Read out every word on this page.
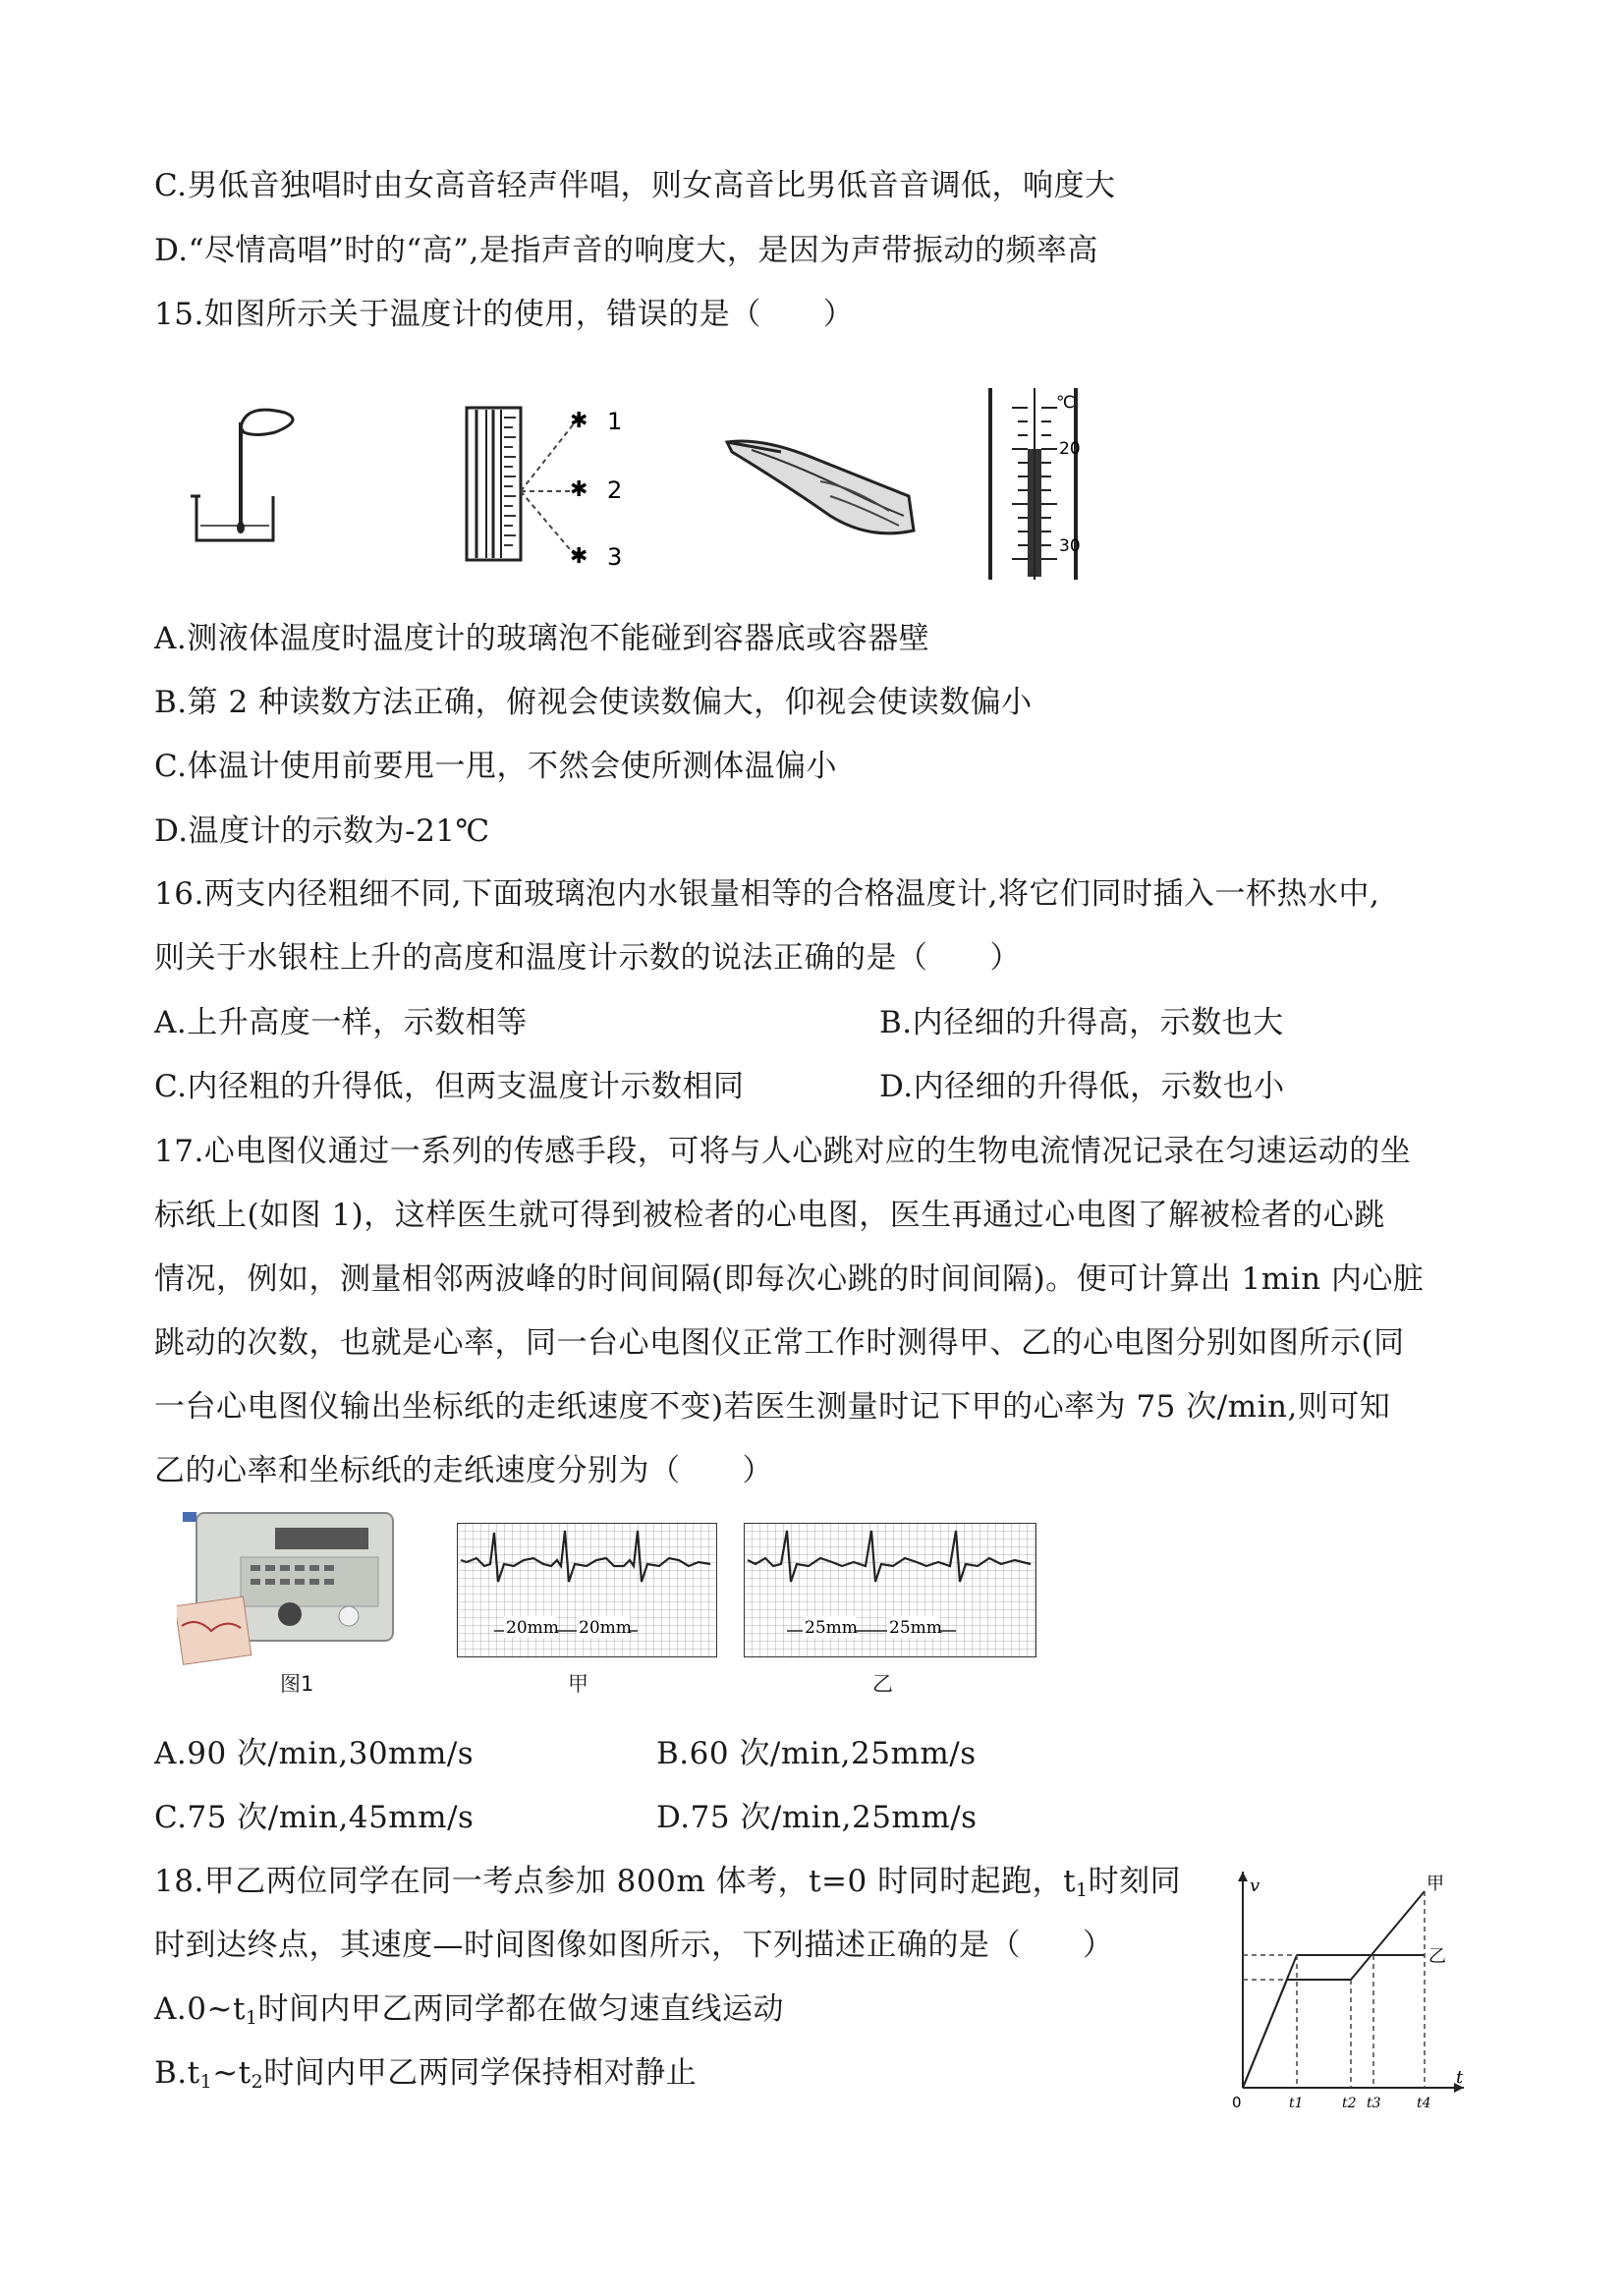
C.男低音独唱时由女高音轻声伴唱，则女高音比男低音音调低，响度大
D.“尽情高唱”时的“高”,是指声音的响度大，是因为声带振动的频率高
15.如图所示关于温度计的使用，错误的是（　　）
✱
✱
✱
1
2
3
℃
20
30
A.测液体温度时温度计的玻璃泡不能碰到容器底或容器壁
B.第 2 种读数方法正确，俯视会使读数偏大，仰视会使读数偏小
C.体温计使用前要甩一甩，不然会使所测体温偏小
D.温度计的示数为-21℃
16.两支内径粗细不同,下面玻璃泡内水银量相等的合格温度计,将它们同时插入一杯热水中,
则关于水银柱上升的高度和温度计示数的说法正确的是（　　）
A.上升高度一样，示数相等	B.内径细的升得高，示数也大
C.内径粗的升得低，但两支温度计示数相同	D.内径细的升得低，示数也小
17.心电图仪通过一系列的传感手段，可将与人心跳对应的生物电流情况记录在匀速运动的坐
标纸上(如图 1)，这样医生就可得到被检者的心电图，医生再通过心电图了解被检者的心跳
情况，例如，测量相邻两波峰的时间间隔(即每次心跳的时间间隔)。便可计算出 1min 内心脏
跳动的次数，也就是心率，同一台心电图仪正常工作时测得甲、乙的心电图分别如图所示(同
一台心电图仪输出坐标纸的走纸速度不变)若医生测量时记下甲的心率为 75 次/min,则可知
乙的心率和坐标纸的走纸速度分别为（　　）
图1
20mm 20mm
甲
25mm 25mm
乙
A.90 次/min,30mm/s	B.60 次/min,25mm/s
C.75 次/min,45mm/s	D.75 次/min,25mm/s
18.甲乙两位同学在同一考点参加 800m 体考，t=0 时同时起跑，$t_1$时刻同
时到达终点，其速度—时间图像如图所示，下列描述正确的是（　　）
$A.0\sim t_1$时间内甲乙两同学都在做匀速直线运动
$B.t_1\sim t_2$时间内甲乙两同学保持相对静止
v
t
0
甲
乙
t1	t2 t3	t4
